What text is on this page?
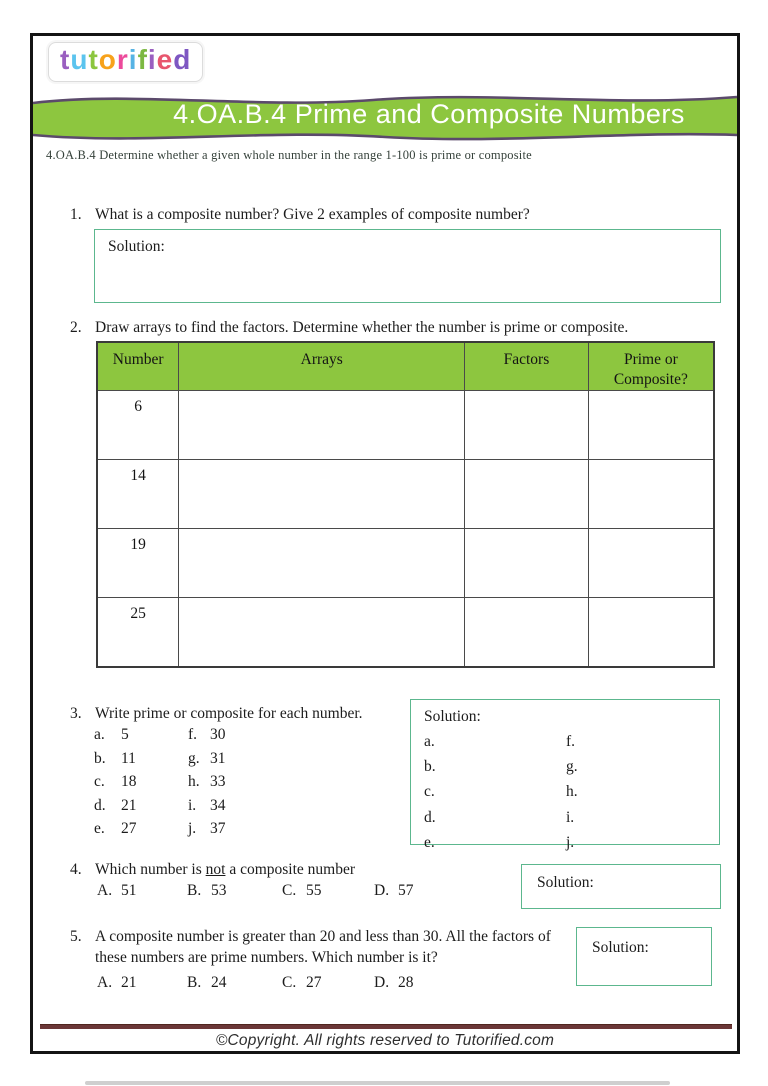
tutorified
4.OA.B.4 Prime and Composite Numbers
4.OA.B.4 Determine whether a given whole number in the range 1-100 is prime or composite
1. What is a composite number? Give 2 examples of composite number?
Solution:
2. Draw arrays to find the factors. Determine whether the number is prime or composite.
Number	Arrays	Factors	Prime or Composite?
6			
14			
19			
25			
3. Write prime or composite for each number.
a. 5
b. 11
c. 18
d. 21
e. 27
f. 30
g. 31
h. 33
i. 34
j. 37
Solution:
a.	f.
b.	g.
c.	h.
d.	i.
e.	j.
4. Which number is not a composite number
A. 51	B. 53	C. 55	D. 57	Solution:
5. A composite number is greater than 20 and less than 30. All the factors of these numbers are prime numbers. Which number is it?
A. 21	B. 24	C. 27	D. 28
Solution:
©Copyright. All rights reserved to Tutorified.com
